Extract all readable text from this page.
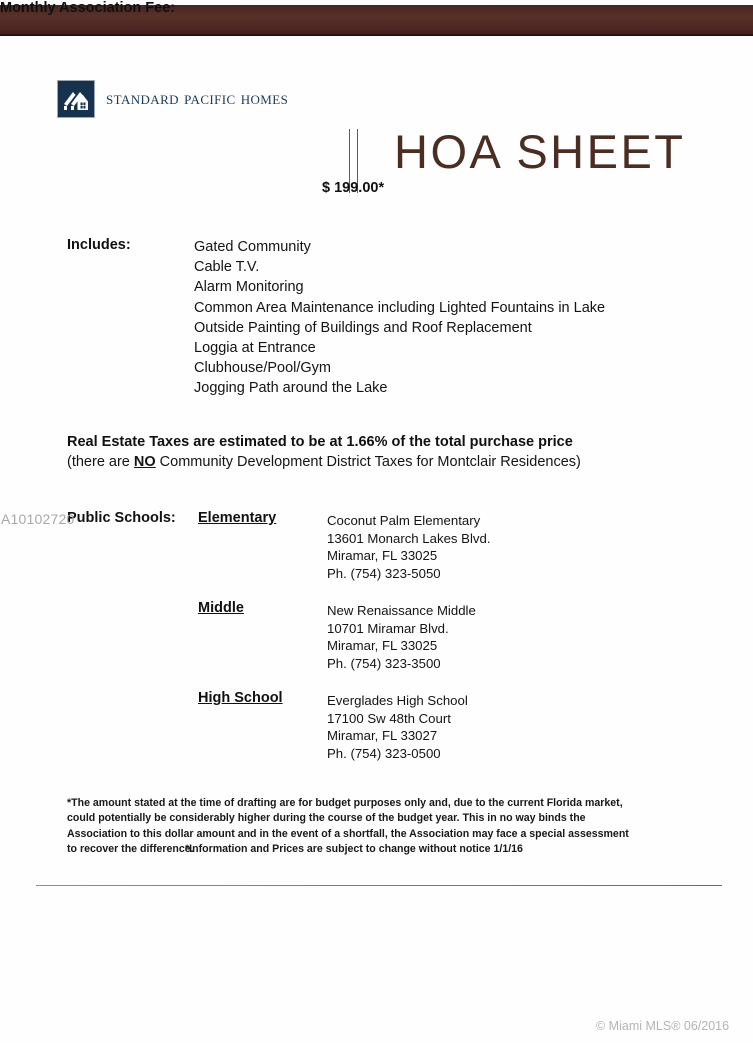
standard pacific homes
HOA SHEET
Monthly Association Fee:
$ 199.00*
Includes:	Gated Community
Cable T.V.
Alarm Monitoring
Common Area Maintenance including Lighted Fountains in Lake
Outside Painting of Buildings and Roof Replacement
Loggia at Entrance
Clubhouse/Pool/Gym
Jogging Path around the Lake
Real Estate Taxes are estimated to be at 1.66% of the total purchase price
(there are NO Community Development District Taxes for Montclair Residences)
Public Schools: Elementary	Coconut Palm Elementary
13601 Monarch Lakes Blvd.
Miramar, FL 33025
Ph. (754) 323-5050
Middle	New Renaissance Middle
10701 Miramar Blvd.
Miramar, FL 33025
Ph. (754) 323-3500
High School	Everglades High School
17100 Sw 48th Court
Miramar, FL 33027
Ph. (754) 323-0500
*The amount stated at the time of drafting are for budget purposes only and, due to the current Florida market, could potentially be considerably higher during the course of the budget year. This in no way binds the Association to this dollar amount and in the event of a shortfall, the Association may face a special assessment to recover the difference.
*Information and Prices are subject to change without notice 1/1/16
A10102720
© Miami MLS® 06/2016
